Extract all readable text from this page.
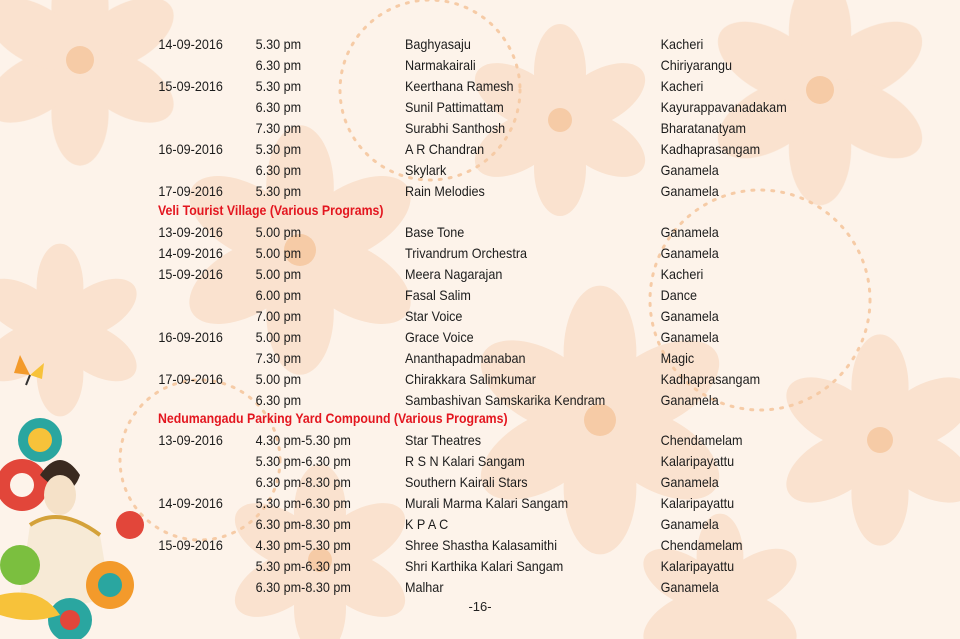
14-09-2016 5.30 pm	Baghyasaju	Kacheri
6.30 pm	Narmakairali	Chiriyarangu
15-09-2016 5.30 pm	Keerthana Ramesh	Kacheri
6.30 pm	Sunil Pattimattam	Kayurappavanadakam
7.30 pm	Surabhi Santhosh	Bharatanatyam
16-09-2016 5.30 pm	A R Chandran	Kadhaprasangam
6.30 pm	Skylark	Ganamela
17-09-2016 5.30 pm	Rain Melodies	Ganamela
Veli Tourist Village (Various Programs)
13-09-2016 5.00 pm	Base Tone	Ganamela
14-09-2016 5.00 pm	Trivandrum Orchestra	Ganamela
15-09-2016 5.00 pm	Meera Nagarajan	Kacheri
6.00 pm	Fasal Salim	Dance
7.00 pm	Star Voice	Ganamela
16-09-2016 5.00 pm	Grace Voice	Ganamela
7.30 pm	Ananthapadmanaban	Magic
17-09-2016 5.00 pm	Chirakkara Salimkumar	Kadhaprasangam
6.30 pm	Sambashivan Samskarika Kendram	Ganamela
Nedumangadu Parking Yard Compound (Various Programs)
13-09-2016 4.30 pm-5.30 pm	Star Theatres	Chendamelam
5.30 pm-6.30 pm	R S N Kalari Sangam	Kalaripayattu
6.30 pm-8.30 pm	Southern Kairali Stars	Ganamela
14-09-2016 5.30 pm-6.30 pm	Murali Marma Kalari Sangam	Kalaripayattu
6.30 pm-8.30 pm	K P A C	Ganamela
15-09-2016 4.30 pm-5.30 pm	Shree Shastha Kalasamithi	Chendamelam
5.30 pm-6.30 pm	Shri Karthika Kalari Sangam	Kalaripayattu
6.30 pm-8.30 pm	Malhar	Ganamela
-16-
